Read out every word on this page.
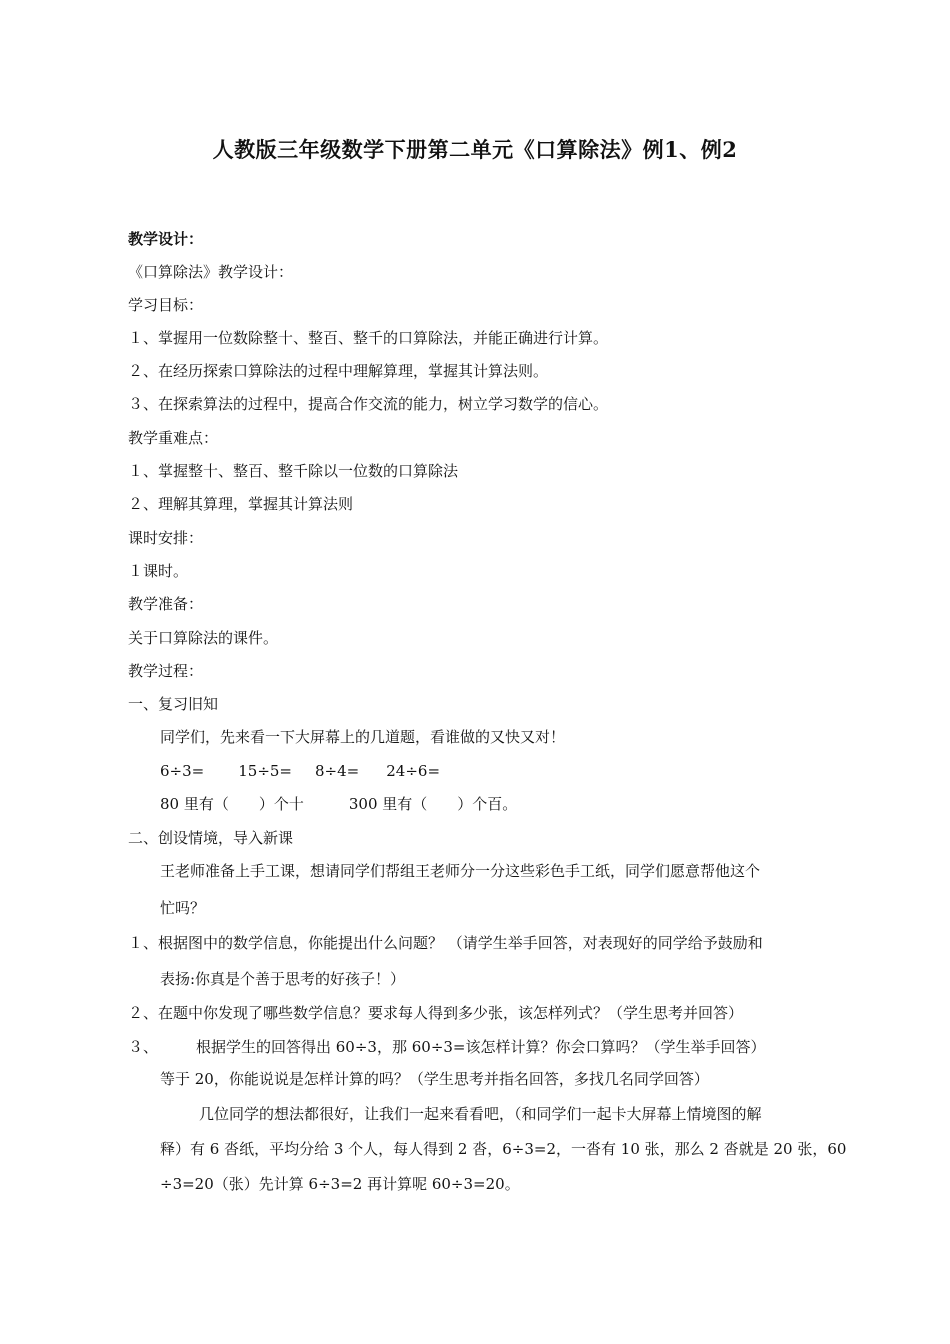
人教版三年级数学下册第二单元《口算除法》例1、例2
教学设计：
《口算除法》教学设计：
学习目标：
１、掌握用一位数除整十、整百、整千的口算除法，并能正确进行计算。
２、在经历探索口算除法的过程中理解算理，掌握其计算法则。
３、在探索算法的过程中，提高合作交流的能力，树立学习数学的信心。
教学重难点：
１、掌握整十、整百、整千除以一位数的口算除法
２、理解其算理，掌握其计算法则
课时安排：
１课时。
教学准备：
关于口算除法的课件。
教学过程：
一、复习旧知
同学们，先来看一下大屏幕上的几道题，看谁做的又快又对！
6÷3= 15÷5= 8÷4= 24÷6=
80 里有（　　）个十	300 里有（　　）个百。
二、创设情境，导入新课
王老师准备上手工课，想请同学们帮组王老师分一分这些彩色手工纸，同学们愿意帮他这个
忙吗？
１、根据图中的数学信息，你能提出什么问题？ （请学生举手回答，对表现好的同学给予鼓励和
表扬:你真是个善于思考的好孩子！）
２、在题中你发现了哪些数学信息？要求每人得到多少张，该怎样列式？（学生思考并回答）
３、	根据学生的回答得出 60÷3，那 60÷3=该怎样计算？你会口算吗？（学生举手回答）
等于 20，你能说说是怎样计算的吗？（学生思考并指名回答，多找几名同学回答）
几位同学的想法都很好，让我们一起来看看吧，（和同学们一起卡大屏幕上情境图的解
释）有 6 沓纸，平均分给 3 个人，每人得到 2 沓，6÷3=2，一沓有 10 张，那么 2 沓就是 20 张，60
÷3=20（张）先计算 6÷3=2 再计算呢 60÷3=20。
